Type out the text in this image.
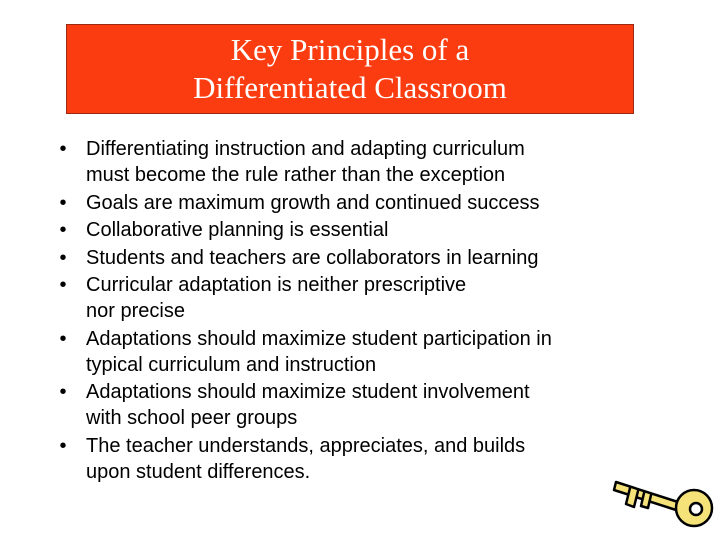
Key Principles of a
Differentiated Classroom
• Differentiating instruction and adapting curriculum
must become the rule rather than the exception
• Goals are maximum growth and continued success
• Collaborative planning is essential
• Students and teachers are collaborators in learning
• Curricular adaptation is neither prescriptive
nor precise
• Adaptations should maximize student participation in
typical curriculum and instruction
• Adaptations should maximize student involvement
with school peer groups
• The teacher understands, appreciates, and builds
upon student differences.
